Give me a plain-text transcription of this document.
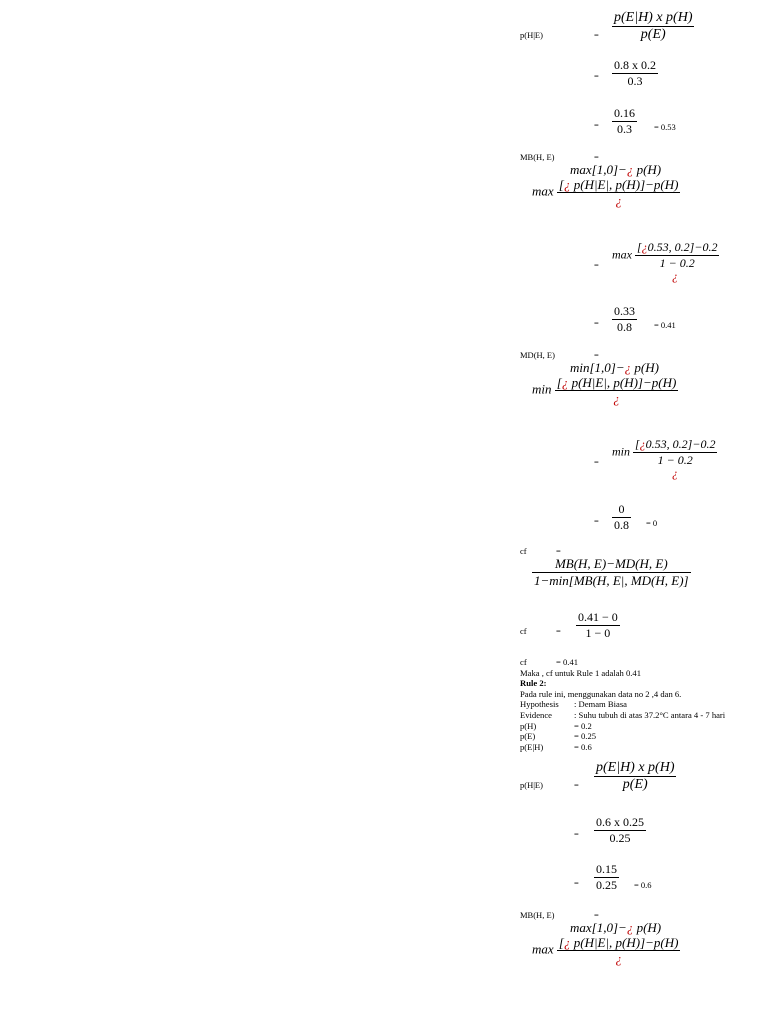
A	X
B	Y
Z
E	D

Database
Knowledge Base
Match	Fire
Cycle 1
Database
Knowledge Base
Match	Fire
Cycle 2
Database
Knowledge Base
Match	Fire
Cycle 3
Database
Knowledge Base
Match	Fire

Pass 1
Database
Knowledge Base
Goal: Z
Pass 2
Database
Knowledge Base
Sub-Goal: X
Pass 3
Database
Knowledge Base
Sub-Goal: X
Pass 4
Database
Knowledge Base
Sub-Goal: X
Match	Fire
Pass 5
Database
Knowledge Base
Sub-Goal: Y
Match	Fire
Pass 6
Database
Knowledge Base
Goal: Z
Match	Fire

p(H|E)	= $\frac{\text{p(E|H) x p(H)}}{p(E)}$
= $\frac{0.8 x 0.2}{0.3}$
= $\frac{0.16}{0.3} = 0.53$
MB(H, E)	=
max[1,0]−¿ p(H)
$\max \frac{[¿ p(H|E|, p(H)]-p(H)}{¿}$
=
$\max \frac{[¿0.53, 0.2]-0.2}{1 - 0.2}$
¿
= $\frac{0.33}{0.8} = 0.41$
MD(H, E)	=
min[1,0]−¿ p(H)
$\min \frac{[¿ p(H|E|, p(H)]-p(H)}{¿}$
=
$\min \frac{[¿0.53, 0.2]-0.2}{1 - 0.2}$
¿
= $\frac{0}{0.8} = 0$
cf	=
MB(H, E)−MD(H, E)
1−min[MB(H, E|, MD(H, E)]
cf	= $\frac{0.41 - 0}{1 - 0}$
cf	= 0.41
Maka , cf untuk Rule 1 adalah 0.41
Rule 2:
Pada rule ini, menggunakan data no 2 ,4 dan 6.
Hypothesis : Demam Biasa
Evidence	: Suhu tubuh di atas 37.2°C antara 4 - 7 hari
p(H)	= 0.2
p(E)	= 0.25
p(E|H)	= 0.6
p(H|E)	= $\frac{\text{p(E|H) x p(H)}}{p(E)}$
= $\frac{0.6 x 0.25}{0.25}$
= $\frac{0.15}{0.25} = 0.6$
MB(H, E)	=
max[1,0]−¿ p(H)
$\max \frac{[¿ p(H|E|, p(H)]-p(H)}{¿}$
